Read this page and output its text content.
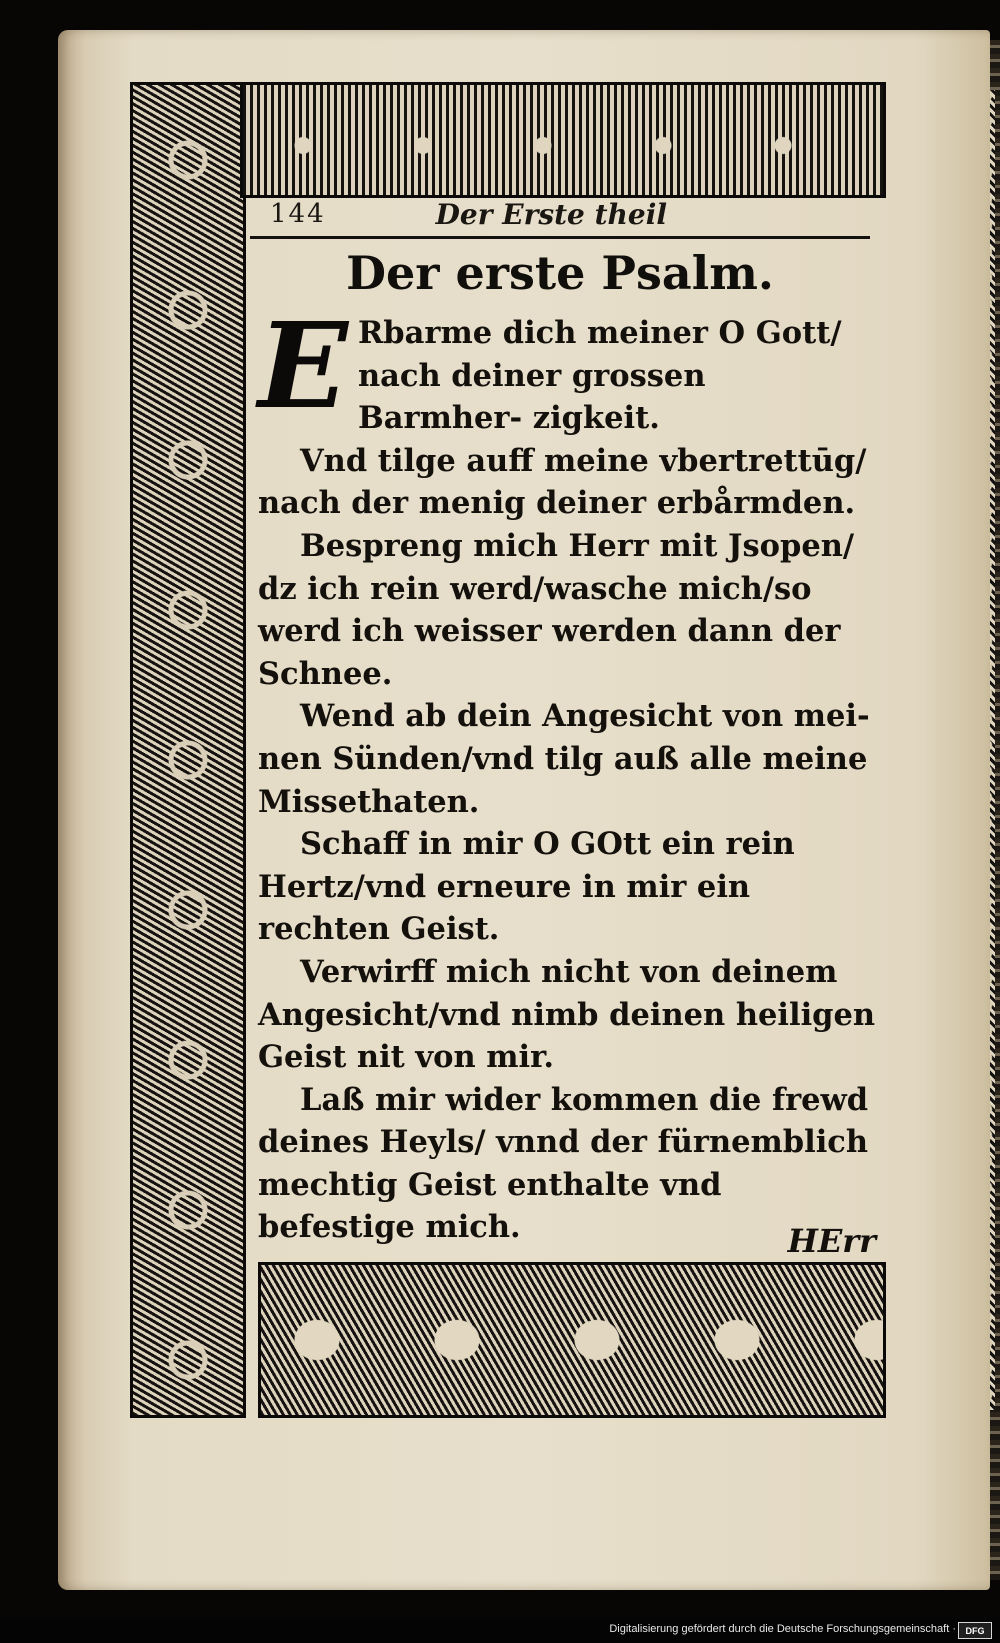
144	Der Erste theil
Der erste Psalm.

E Rbarme dich meiner O Gott/ nach deiner grossen Barmher- zigkeit.

Vnd tilge auff meine vbertrettūg/ nach der menig deiner erbårmden.

Bespreng mich Herr mit Jsopen/ dz ich rein werd/wasche mich/so werd ich weisser werden dann der Schnee.

Wend ab dein Angesicht von mei- nen Sünden/vnd tilg auß alle meine Missethaten.

Schaff in mir O GOtt ein rein Hertz/vnd erneure in mir ein rechten Geist.

Verwirff mich nicht von deinem Angesicht/vnd nimb deinen heiligen Geist nit von mir.

Laß mir wider kommen die frewd deines Heyls/ vnnd der fürnemblich mechtig Geist enthalte vnd befestige mich.	HErr
Digitalisierung gefördert durch die Deutsche Forschungsgemeinschaft ·	DFG
